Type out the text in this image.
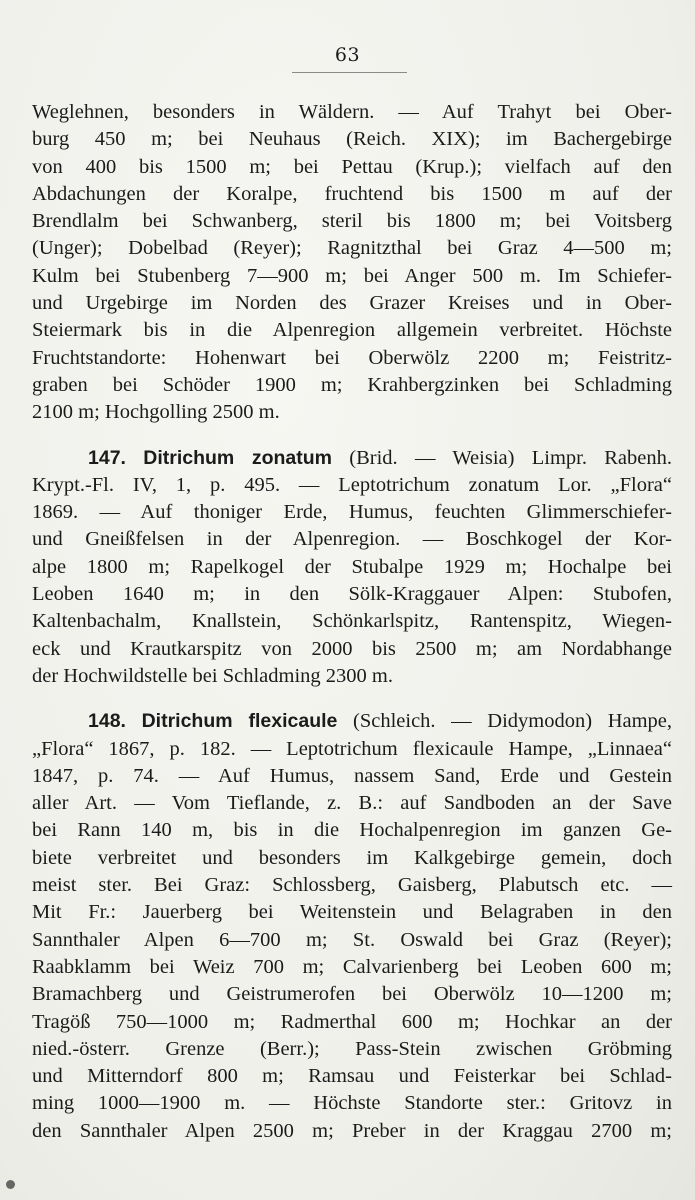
63
Weglehnen, besonders in Wäldern. — Auf Trahyt bei Ober-
burg 450 m; bei Neuhaus (Reich. XIX); im Bachergebirge
von 400 bis 1500 m; bei Pettau (Krup.); vielfach auf den
Abdachungen der Koralpe, fruchtend bis 1500 m auf der
Brendlalm bei Schwanberg, steril bis 1800 m; bei Voitsberg
(Unger); Dobelbad (Reyer); Ragnitzthal bei Graz 4—500 m;
Kulm bei Stubenberg 7—900 m; bei Anger 500 m. Im Schiefer-
und Urgebirge im Norden des Grazer Kreises und in Ober-
Steiermark bis in die Alpenregion allgemein verbreitet. Höchste
Fruchtstandorte: Hohenwart bei Oberwölz 2200 m; Feistritz-
graben bei Schöder 1900 m; Krahbergzinken bei Schladming
2100 m; Hochgolling 2500 m.
147. Ditrichum zonatum (Brid. — Weisia) Limpr. Rabenh.
Krypt.-Fl. IV, 1, p. 495. — Leptotrichum zonatum Lor. „Flora“
1869. — Auf thoniger Erde, Humus, feuchten Glimmerschiefer-
und Gneißfelsen in der Alpenregion. — Boschkogel der Kor-
alpe 1800 m; Rapelkogel der Stubalpe 1929 m; Hochalpe bei
Leoben 1640 m; in den Sölk-Kraggauer Alpen: Stubofen,
Kaltenbachalm, Knallstein, Schönkarlspitz, Rantenspitz, Wiegen-
eck und Krautkarspitz von 2000 bis 2500 m; am Nordabhange
der Hochwildstelle bei Schladming 2300 m.
148. Ditrichum flexicaule (Schleich. — Didymodon) Hampe,
„Flora“ 1867, p. 182. — Leptotrichum flexicaule Hampe, „Linnaea“
1847, p. 74. — Auf Humus, nassem Sand, Erde und Gestein
aller Art. — Vom Tieflande, z. B.: auf Sandboden an der Save
bei Rann 140 m, bis in die Hochalpenregion im ganzen Ge-
biete verbreitet und besonders im Kalkgebirge gemein, doch
meist ster. Bei Graz: Schlossberg, Gaisberg, Plabutsch etc. —
Mit Fr.: Jauerberg bei Weitenstein und Belagraben in den
Sannthaler Alpen 6—700 m; St. Oswald bei Graz (Reyer);
Raabklamm bei Weiz 700 m; Calvarienberg bei Leoben 600 m;
Bramachberg und Geistrumerofen bei Oberwölz 10—1200 m;
Tragöß 750—1000 m; Radmerthal 600 m; Hochkar an der
nied.-österr. Grenze (Berr.); Pass-Stein zwischen Gröbming
und Mitterndorf 800 m; Ramsau und Feisterkar bei Schlad-
ming 1000—1900 m. — Höchste Standorte ster.: Gritovz in
den Sannthaler Alpen 2500 m; Preber in der Kraggau 2700 m;
